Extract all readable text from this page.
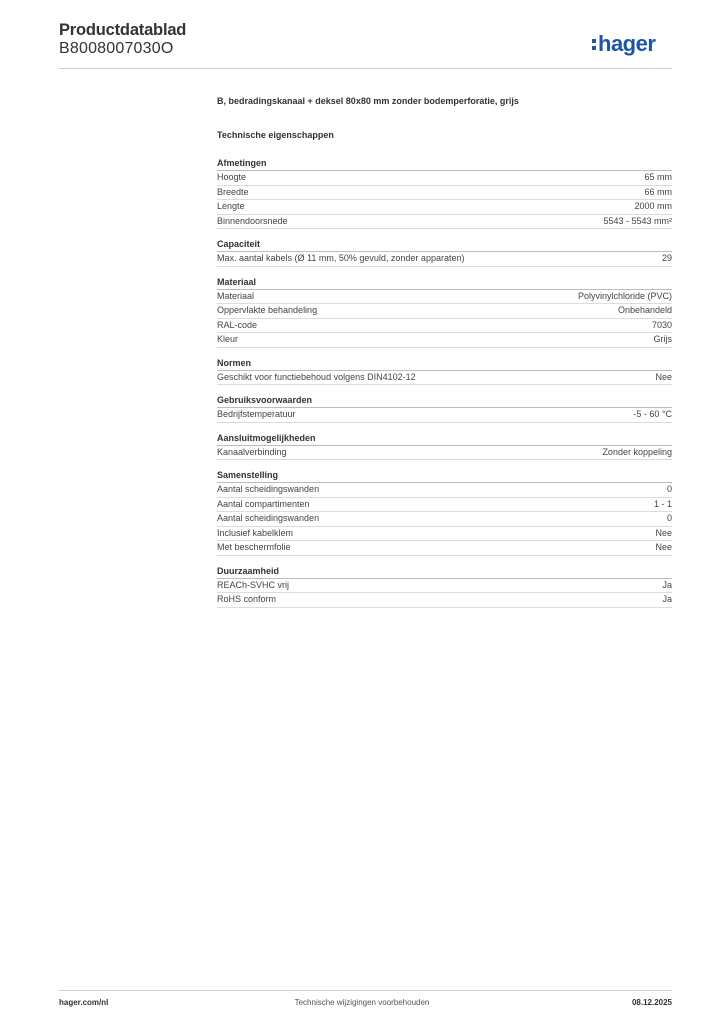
Productdatablad
B8008007030O	hager
B, bedradingskanaal + deksel 80x80 mm zonder bodemperforatie, grijs
Technische eigenschappen
Afmetingen
Hoogte	65 mm
Breedte	66 mm
Lengte	2000 mm
Binnendoorsnede	5543 - 5543 mm²
Capaciteit
Max. aantal kabels (Ø 11 mm, 50% gevuld, zonder apparaten)	29
Materiaal
Materiaal	Polyvinylchloride (PVC)
Oppervlakte behandeling	Onbehandeld
RAL-code	7030
Kleur	Grijs
Normen
Geschikt voor functiebehoud volgens DIN4102-12	Nee
Gebruiksvoorwaarden
Bedrijfstemperatuur	-5 - 60 °C
Aansluitmogelijkheden
Kanaalverbinding	Zonder koppeling
Samenstelling
Aantal scheidingswanden	0
Aantal compartimenten	1 - 1
Aantal scheidingswanden	0
Inclusief kabelklem	Nee
Met beschermfolie	Nee
Duurzaamheid
REACh-SVHC vrij	Ja
RoHS conform	Ja
hager.com/nl	Technische wijzigingen voorbehouden	08.12.2025
